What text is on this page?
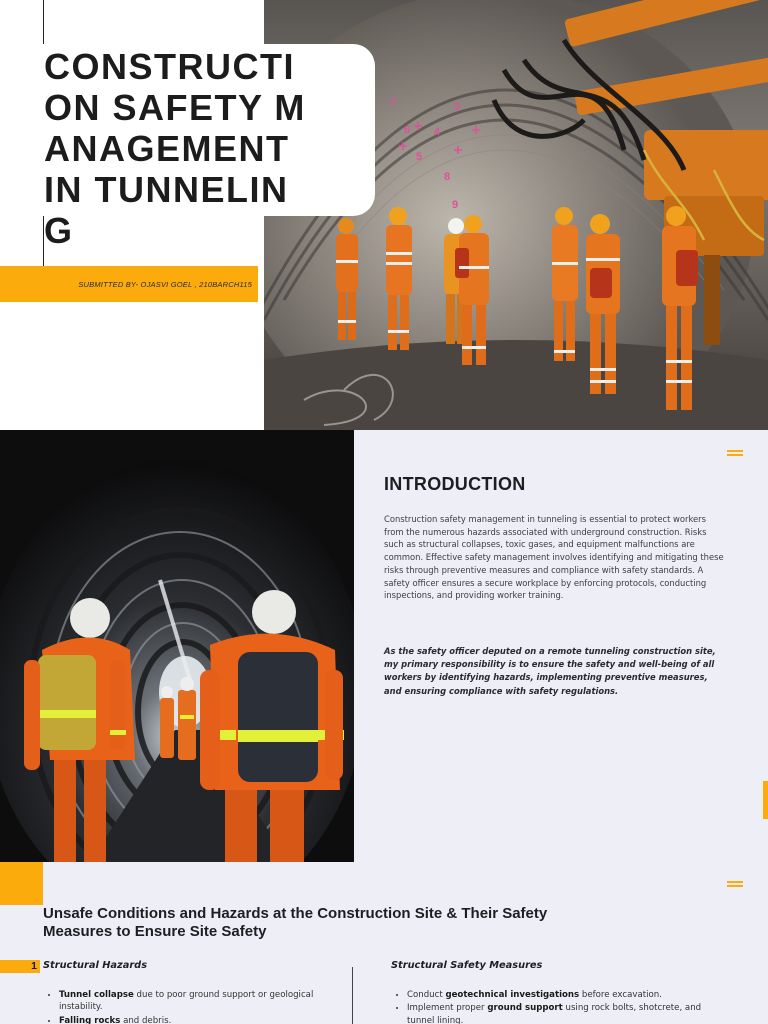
7
6
5
4
3
8
9
CONSTRUCTION SAFETY MANAGEMENT IN TUNNELING

SUBMITTED BY- OJASVI GOEL , 210BARCH115

INTRODUCTION

Construction safety management in tunneling is essential to protect workers from the numerous hazards associated with underground construction. Risks such as structural collapses, toxic gases, and equipment malfunctions are common. Effective safety management involves identifying and mitigating these risks through preventive measures and compliance with safety standards. A safety officer ensures a secure workplace by enforcing protocols, conducting inspections, and providing worker training.

As the safety officer deputed on a remote tunneling construction site, my primary responsibility is to ensure the safety and well-being of all workers by identifying hazards, implementing preventive measures, and ensuring compliance with safety regulations.

Unsafe Conditions and Hazards at the Construction Site & Their Safety Measures to Ensure Site Safety
1 Structural Hazards	Structural Safety Measures
• Tunnel collapse due to poor ground support or geological instability.
• Falling rocks and debris.
• Conduct geotechnical investigations before excavation.
• Implement proper ground support using rock bolts, shotcrete, and tunnel lining.
